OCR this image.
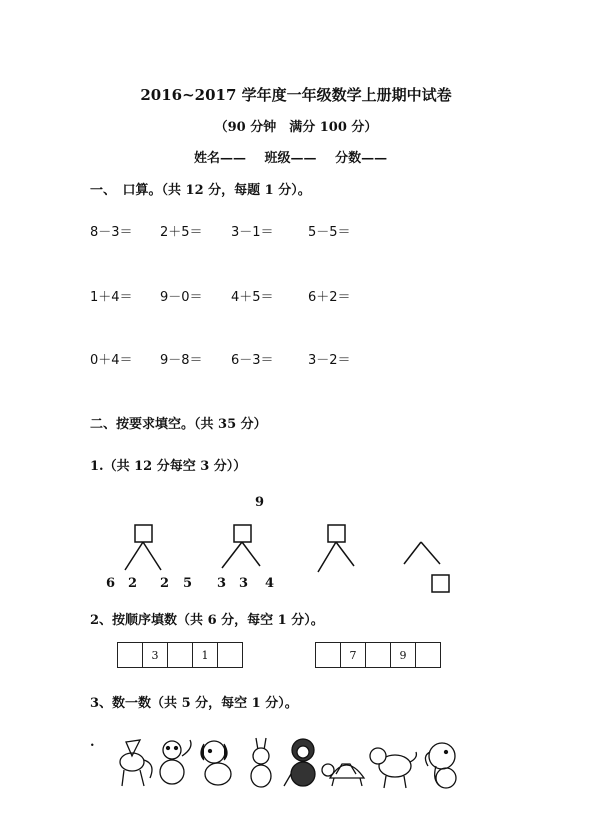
2016~2017 学年度一年级数学上册期中试卷
（90 分钟　满分 100 分）
姓名—— 班级—— 分数——
一、　口算。（共 12 分，每题 1 分）。
8－3＝ 2＋5＝ 3－1＝	5－5＝
1＋4＝ 9－0＝ 4＋5＝	6＋2＝
0＋4＝ 9－8＝ 6－3＝	3－2＝
二、按要求填空。（共 35 分）
1.（共 12 分每空 3 分））
9
6 2 2 5 3 3 4
2、按顺序填数（共 6 分，每空 1 分）。
3	1	7	9
3、数一数（共 5 分，每空 1 分）。
.
